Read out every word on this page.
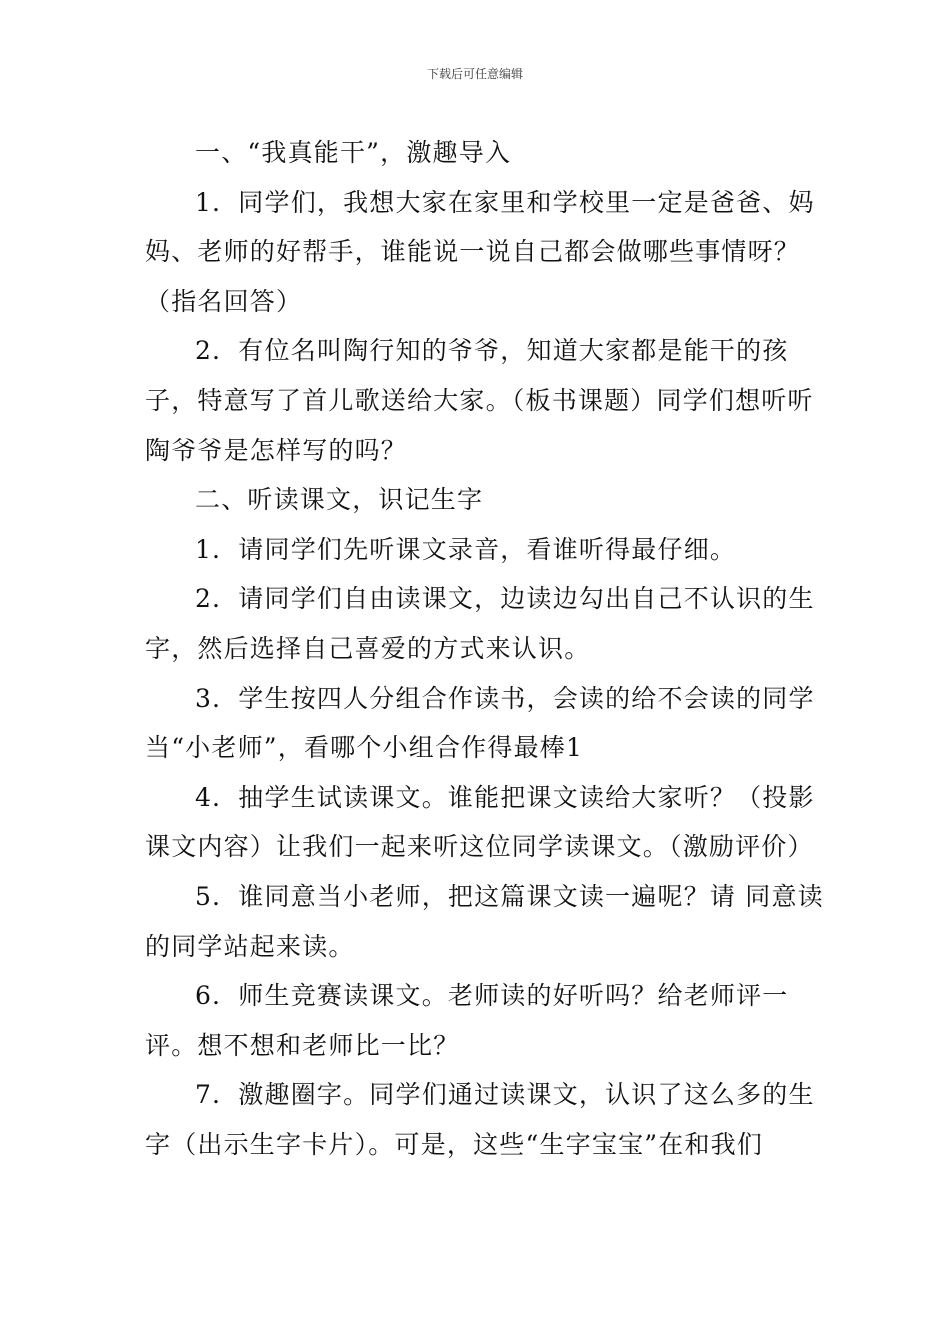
下载后可任意编辑

一、“我真能干”，激趣导入

1．同学们，我想大家在家里和学校里一定是爸爸、妈妈、老师的好帮手，谁能说一说自己都会做哪些事情呀？（指名回答）

2．有位名叫陶行知的爷爷，知道大家都是能干的孩子，特意写了首儿歌送给大家。（板书课题）同学们想听听陶爷爷是怎样写的吗？

二、听读课文，识记生字

1．请同学们先听课文录音，看谁听得最仔细。

2．请同学们自由读课文，边读边勾出自己不认识的生字，然后选择自己喜爱的方式来认识。

3．学生按四人分组合作读书，会读的给不会读的同学当“小老师”，看哪个小组合作得最棒1

4．抽学生试读课文。谁能把课文读给大家听？（投影课文内容）让我们一起来听这位同学读课文。（激励评价）

5．谁同意当小老师，把这篇课文读一遍呢？请 同意读的同学站起来读。

6．师生竞赛读课文。老师读的好听吗？给老师评一评。想不想和老师比一比？

7．激趣圈字。同学们通过读课文，认识了这么多的生字（出示生字卡片）。可是，这些“生字宝宝”在和我们
